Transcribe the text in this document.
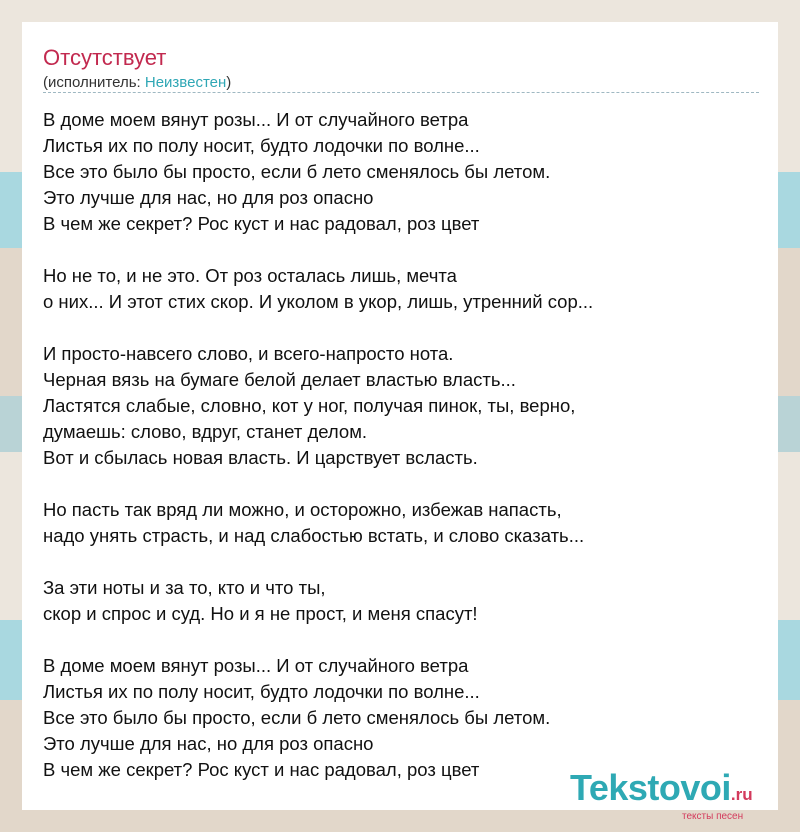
Отсутствует
(исполнитель: Неизвестен)

В доме моем вянут розы... И от случайного ветра
Листья их по полу носит, будто лодочки по волне...
Все это было бы просто, если б лето сменялось бы летом.
Это лучше для нас, но для роз опасно
В чем же секрет? Рос куст и нас радовал, роз цвет

Но не то, и не это. От роз осталась лишь, мечта
о них... И этот стих скор. И уколом в укор, лишь, утренний сор...

И просто-навсего слово, и всего-напросто нота.
Черная вязь на бумаге белой делает властью власть...
Ластятся слабые, словно, кот у ног, получая пинок, ты, верно,
думаешь: слово, вдруг, станет делом.
Вот и сбылась новая власть. И царствует всласть.

Но пасть так вряд ли можно, и осторожно, избежав напасть,
надо унять страсть, и над слабостью встать, и слово сказать...

За эти ноты и за то, кто и что ты,
скор и спрос и суд. Но и я не прост, и меня спасут!

В доме моем вянут розы... И от случайного ветра
Листья их по полу носит, будто лодочки по волне...
Все это было бы просто, если б лето сменялось бы летом.
Это лучше для нас, но для роз опасно
В чем же секрет? Рос куст и нас радовал, роз цвет	Tekstovoi.ru
тексты песен
